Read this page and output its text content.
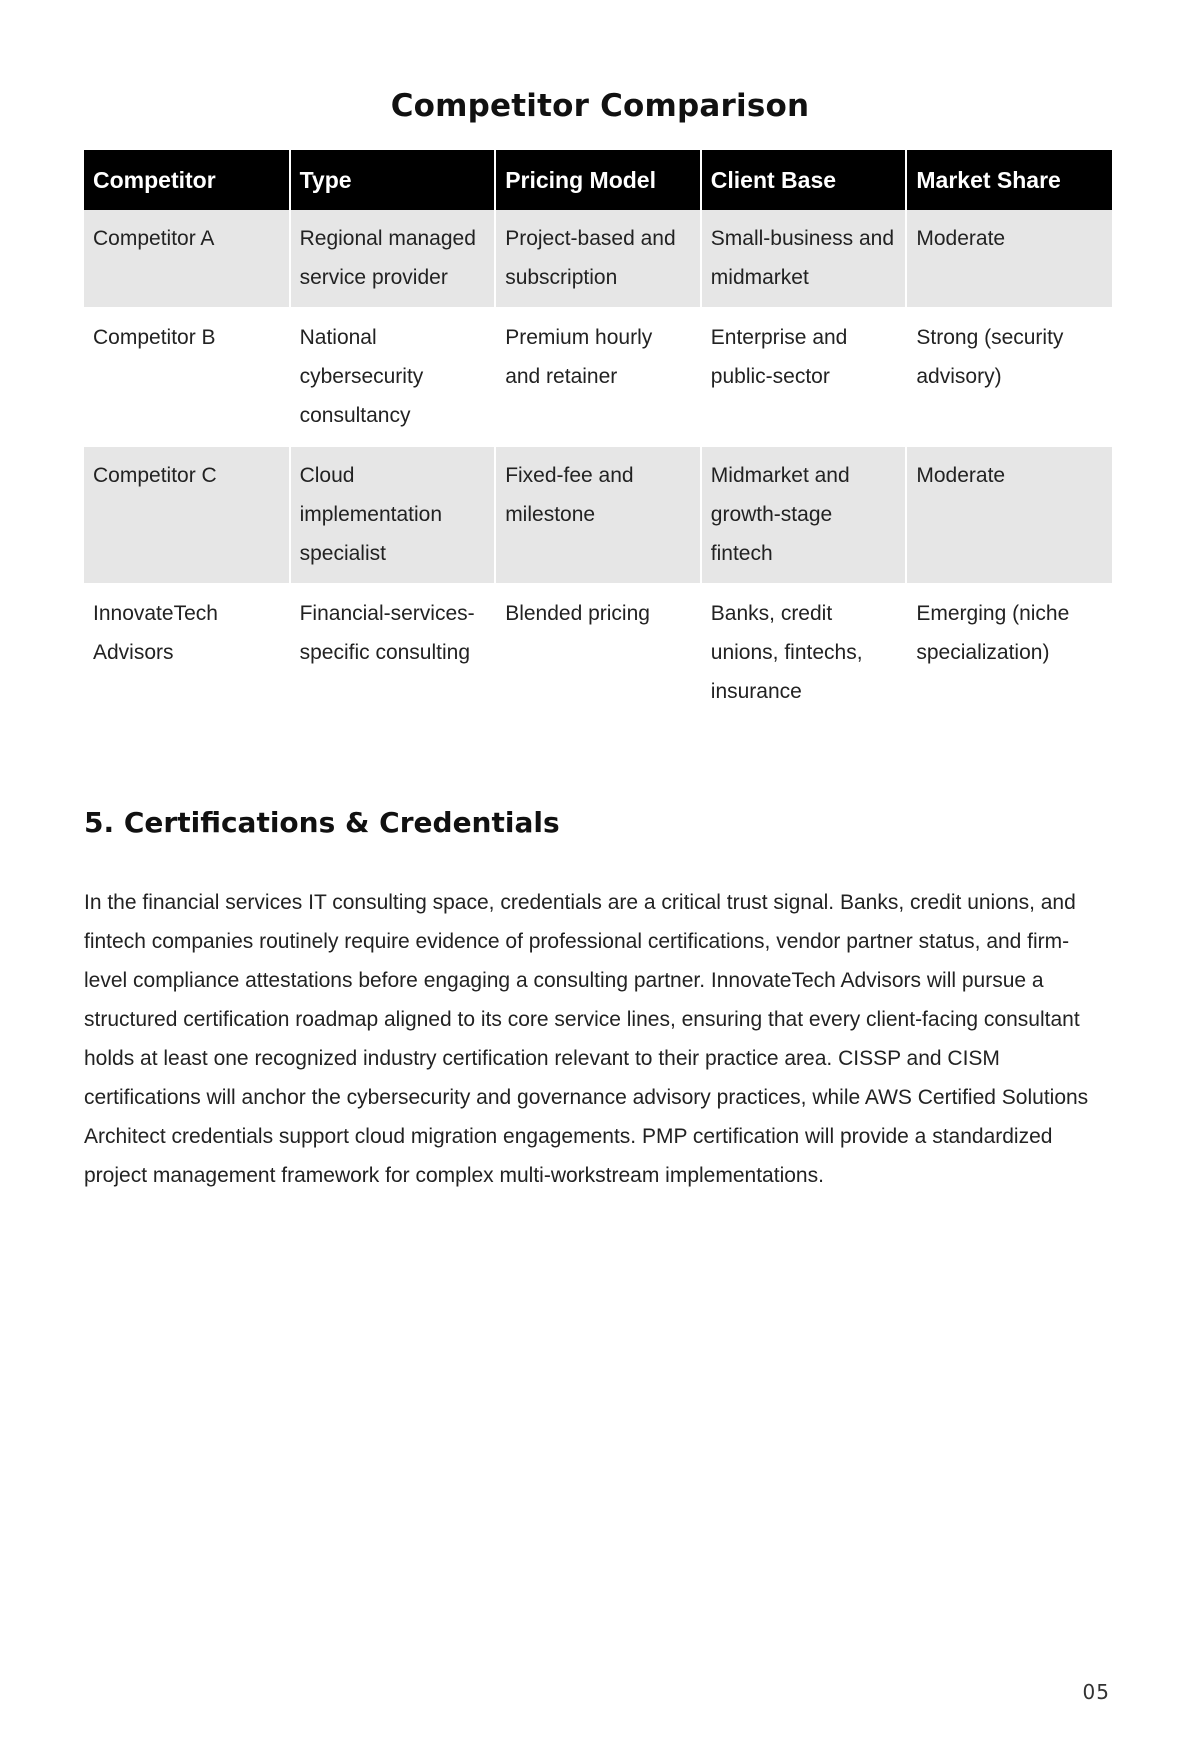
Competitor Comparison
Competitor	Type	Pricing Model	Client Base	Market Share
Competitor A	Regional managed service provider	Project-based and subscription	Small-business and midmarket	Moderate
Competitor B	National cybersecurity consultancy	Premium hourly and retainer	Enterprise and public-sector	Strong (security advisory)
Competitor C	Cloud implementation specialist	Fixed-fee and milestone	Midmarket and growth-stage fintech	Moderate
InnovateTech Advisors	Financial-services-specific consulting	Blended pricing	Banks, credit unions, fintechs, insurance	Emerging (niche specialization)
5. Certifications & Credentials

In the financial services IT consulting space, credentials are a critical trust signal. Banks, credit unions, and fintech companies routinely require evidence of professional certifications, vendor partner status, and firm-level compliance attestations before engaging a consulting partner. InnovateTech Advisors will pursue a structured certification roadmap aligned to its core service lines, ensuring that every client-facing consultant holds at least one recognized industry certification relevant to their practice area. CISSP and CISM certifications will anchor the cybersecurity and governance advisory practices, while AWS Certified Solutions Architect credentials support cloud migration engagements. PMP certification will provide a standardized project management framework for complex multi-workstream implementations.

05
